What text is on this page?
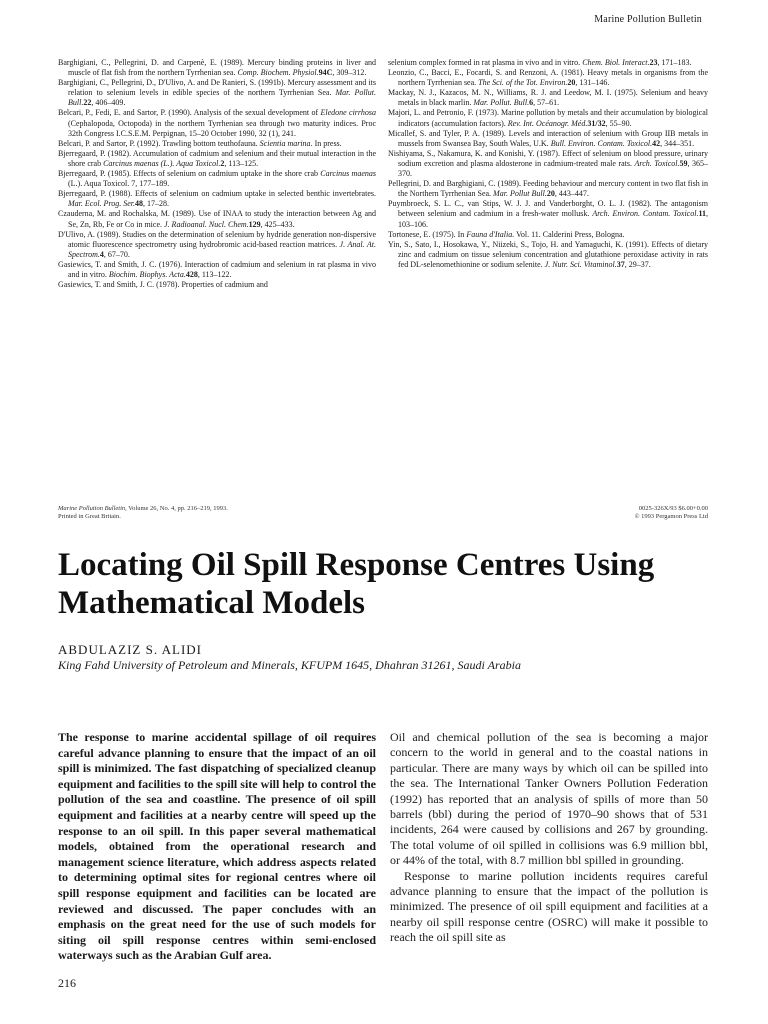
Marine Pollution Bulletin

Barghigiani, C., Pellegrini, D. and Carpenè, E. (1989). Mercury binding proteins in liver and muscle of flat fish from the northern Tyrrhenian sea. Comp. Biochem. Physiol.94C, 309–312.

Barghigiani, C., Pellegrini, D., D'Ulivo, A. and De Ranieri, S. (1991b). Mercury assessment and its relation to selenium levels in edible species of the northern Tyrrhenian Sea. Mar. Pollut. Bull.22, 406–409.

Belcari, P., Fedi, E. and Sartor, P. (1990). Analysis of the sexual development of Eledone cirrhosa (Cephalopoda, Octopoda) in the northern Tyrrhenian sea through two maturity indices. Proc 32th Congress I.C.S.E.M. Perpignan, 15–20 October 1990, 32 (1), 241.

Belcari, P. and Sartor, P. (1992). Trawling bottom teuthofauna. Scientia marina. In press.

Bjerregaard, P. (1982). Accumulation of cadmium and selenium and their mutual interaction in the shore crab Carcinus maenas (L.). Aqua Toxicol.2, 113–125.

Bjerregaard, P. (1985). Effects of selenium on cadmium uptake in the shore crab Carcinus maenas (L.). Aqua Toxicol. 7, 177–189.

Bjerregaard, P. (1988). Effects of selenium on cadmium uptake in selected benthic invertebrates. Mar. Ecol. Prog. Ser.48, 17–28.

Czauderna, M. and Rochalska, M. (1989). Use of INAA to study the interaction between Ag and Se, Zn, Rb, Fe or Co in mice. J. Radioanal. Nucl. Chem.129, 425–433.

D'Ulivo, A. (1989). Studies on the determination of selenium by hydride generation non-dispersive atomic fluorescence spectrometry using hydrobromic acid-based reaction matrices. J. Anal. At. Spectrom.4, 67–70.

Gasiewics, T. and Smith, J. C. (1976). Interaction of cadmium and selenium in rat plasma in vivo and in vitro. Biochim. Biophys. Acta.428, 113–122.

Gasiewics, T. and Smith, J. C. (1978). Properties of cadmium and

selenium complex formed in rat plasma in vivo and in vitro. Chem. Biol. Interact.23, 171–183.

Leonzio, C., Bacci, E., Focardi, S. and Renzoni, A. (1981). Heavy metals in organisms from the northern Tyrrhenian sea. The Sci. of the Tot. Environ.20, 131–146.

Mackay, N. J., Kazacos, M. N., Williams, R. J. and Leedow, M. I. (1975). Selenium and heavy metals in black marlin. Mar. Pollut. Bull.6, 57–61.

Majori, L. and Petronio, F. (1973). Marine pollution by metals and their accumulation by biological indicators (accumulation factors). Rev. Int. Océanogr. Méd.31/32, 55–90.

Micallef, S. and Tyler, P. A. (1989). Levels and interaction of selenium with Group IIB metals in mussels from Swansea Bay, South Wales, U.K. Bull. Environ. Contam. Toxicol.42, 344–351.

Nishiyama, S., Nakamura, K. and Konishi, Y. (1987). Effect of selenium on blood pressure, urinary sodium excretion and plasma aldosterone in cadmium-treated male rats. Arch. Toxicol.59, 365–370.

Pellegrini, D. and Barghigiani, C. (1989). Feeding behaviour and mercury content in two flat fish in the Northern Tyrrhenian Sea. Mar. Pollut Bull.20, 443–447.

Puymbroeck, S. L. C., van Stips, W. J. J. and Vanderborght, O. L. J. (1982). The antagonism between selenium and cadmium in a fresh-water mollusk. Arch. Environ. Contam. Toxicol.11, 103–106.

Tortonese, E. (1975). In Fauna d'Italia. Vol. 11. Calderini Press, Bologna.

Yin, S., Sato, I., Hosokawa, Y., Niizeki, S., Tojo, H. and Yamaguchi, K. (1991). Effects of dietary zinc and cadmium on tissue selenium concentration and glutathione peroxidase activity in rats fed DL-selenomethionine or sodium selenite. J. Nutr. Sci. Vitaminol.37, 29–37.

Marine Pollution Bulletin, Volume 26, No. 4, pp. 216–219, 1993.
Printed in Great Britain.
0025-326X/93 $6.00+0.00
© 1993 Pergamon Press Ltd
Locating Oil Spill Response Centres Using Mathematical Models
ABDULAZIZ S. ALIDI
King Fahd University of Petroleum and Minerals, KFUPM 1645, Dhahran 31261, Saudi Arabia

The response to marine accidental spillage of oil requires careful advance planning to ensure that the impact of an oil spill is minimized. The fast dispatching of specialized cleanup equipment and facilities to the spill site will help to control the pollution of the sea and coastline. The presence of oil spill equipment and facilities at a nearby centre will speed up the response to an oil spill. In this paper several mathematical models, obtained from the operational research and management science literature, which address aspects related to determining optimal sites for regional centres where oil spill response equipment and facilities can be located are reviewed and discussed. The paper concludes with an emphasis on the great need for the use of such models for siting oil spill response centres within semi-enclosed waterways such as the Arabian Gulf area.

Oil and chemical pollution of the sea is becoming a major concern to the world in general and to the coastal nations in particular. There are many ways by which oil can be spilled into the sea. The International Tanker Owners Pollution Federation (1992) has reported that an analysis of spills of more than 50 barrels (bbl) during the period of 1970–90 shows that of 531 incidents, 264 were caused by collisions and 267 by grounding. The total volume of oil spilled in collisions was 6.9 million bbl, or 44% of the total, with 8.7 million bbl spilled in grounding.

Response to marine pollution incidents requires careful advance planning to ensure that the impact of the pollution is minimized. The presence of oil spill equipment and facilities at a nearby oil spill response centre (OSRC) will make it possible to reach the oil spill site as

216
